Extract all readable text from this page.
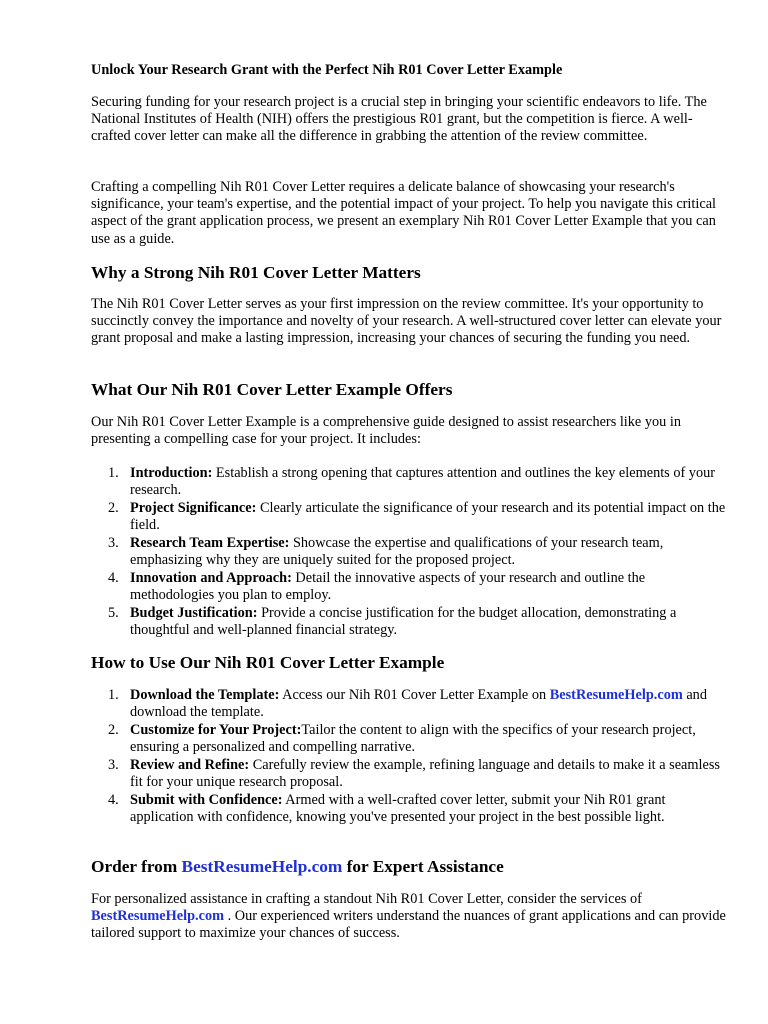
Unlock Your Research Grant with the Perfect Nih R01 Cover Letter Example

Securing funding for your research project is a crucial step in bringing your scientific endeavors to life. The National Institutes of Health (NIH) offers the prestigious R01 grant, but the competition is fierce. A well-crafted cover letter can make all the difference in grabbing the attention of the review committee.

Crafting a compelling Nih R01 Cover Letter requires a delicate balance of showcasing your research's significance, your team's expertise, and the potential impact of your project. To help you navigate this critical aspect of the grant application process, we present an exemplary Nih R01 Cover Letter Example that you can use as a guide.

Why a Strong Nih R01 Cover Letter Matters

The Nih R01 Cover Letter serves as your first impression on the review committee. It's your opportunity to succinctly convey the importance and novelty of your research. A well-structured cover letter can elevate your grant proposal and make a lasting impression, increasing your chances of securing the funding you need.

What Our Nih R01 Cover Letter Example Offers

Our Nih R01 Cover Letter Example is a comprehensive guide designed to assist researchers like you in presenting a compelling case for your project. It includes:

1. Introduction: Establish a strong opening that captures attention and outlines the key elements of your research.
2. Project Significance: Clearly articulate the significance of your research and its potential impact on the field.
3. Research Team Expertise: Showcase the expertise and qualifications of your research team, emphasizing why they are uniquely suited for the proposed project.
4. Innovation and Approach: Detail the innovative aspects of your research and outline the methodologies you plan to employ.
5. Budget Justification: Provide a concise justification for the budget allocation, demonstrating a thoughtful and well-planned financial strategy.
How to Use Our Nih R01 Cover Letter Example
1. Download the Template: Access our Nih R01 Cover Letter Example on BestResumeHelp.com and download the template.
2. Customize for Your Project:Tailor the content to align with the specifics of your research project, ensuring a personalized and compelling narrative.
3. Review and Refine: Carefully review the example, refining language and details to make it a seamless fit for your unique research proposal.
4. Submit with Confidence: Armed with a well-crafted cover letter, submit your Nih R01 grant application with confidence, knowing you've presented your project in the best possible light.
Order from BestResumeHelp.com for Expert Assistance

For personalized assistance in crafting a standout Nih R01 Cover Letter, consider the services of BestResumeHelp.com . Our experienced writers understand the nuances of grant applications and can provide tailored support to maximize your chances of success.
